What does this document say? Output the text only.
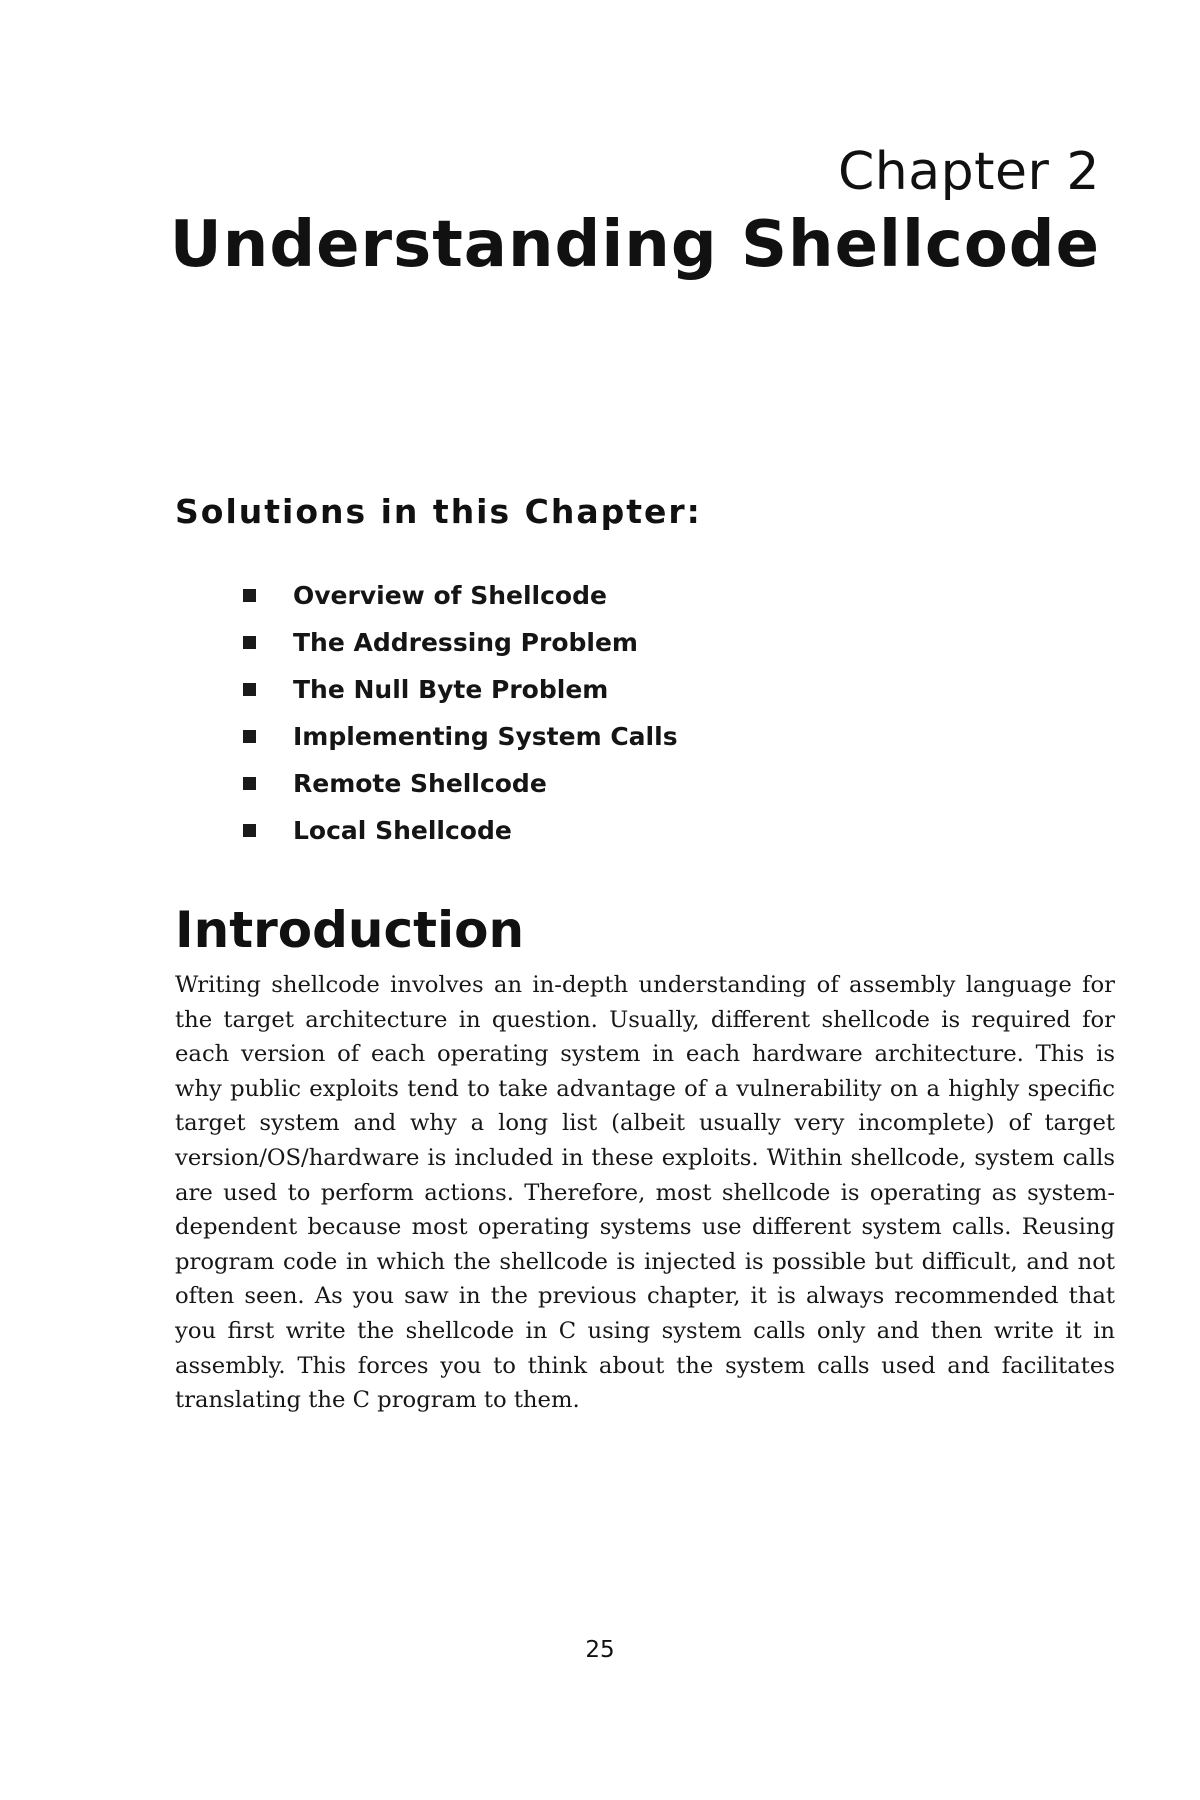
Chapter 2
Understanding Shellcode
Solutions in this Chapter:
Overview of Shellcode
The Addressing Problem
The Null Byte Problem
Implementing System Calls
Remote Shellcode
Local Shellcode
Introduction

Writing shellcode involves an in-depth understanding of assembly language for the target architecture in question. Usually, different shellcode is required for each version of each operating system in each hardware architecture. This is why public exploits tend to take advantage of a vulnerability on a highly specific target system and why a long list (albeit usually very incomplete) of target version/OS/hardware is included in these exploits. Within shellcode, system calls are used to perform actions. Therefore, most shellcode is operating as system-dependent because most operating systems use different system calls. Reusing program code in which the shellcode is injected is possible but difficult, and not often seen. As you saw in the previous chapter, it is always recommended that you first write the shellcode in C using system calls only and then write it in assembly. This forces you to think about the system calls used and facilitates translating the C program to them.

25
